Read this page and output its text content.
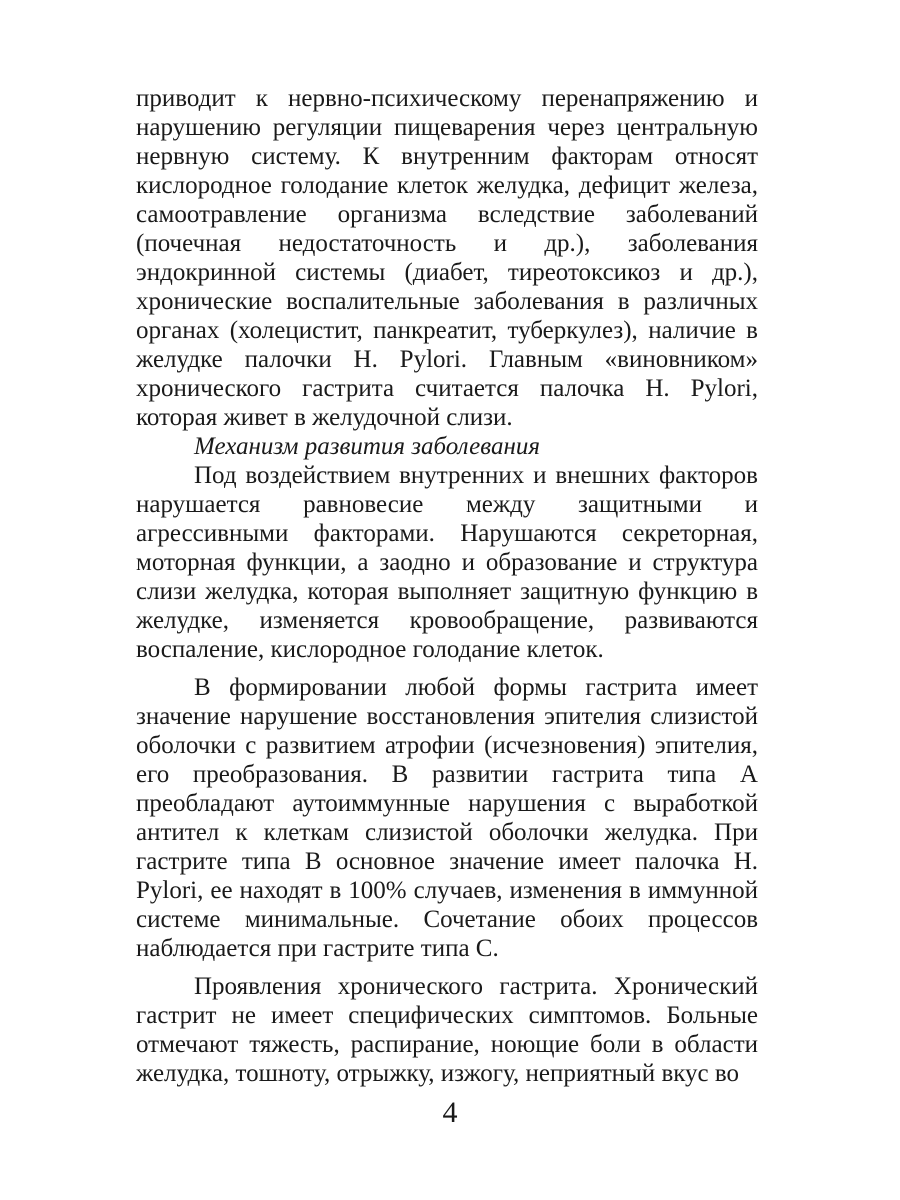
приводит к нервно-психическому перенапряжению и нарушению регуляции пищеварения через центральную нервную систему. К внутренним факторам относят кислородное голодание клеток желудка, дефицит железа, самоотравление организма вследствие заболеваний (почечная недостаточность и др.), заболевания эндокринной системы (диабет, тиреотоксикоз и др.), хронические воспалительные заболевания в различных органах (холецистит, панкреатит, туберкулез), наличие в желудке палочки H. Pylori. Главным «виновником» хронического гастрита считается палочка H. Pylori, которая живет в желудочной слизи.

Механизм развития заболевания

Под воздействием внутренних и внешних факторов нарушается равновесие между защитными и агрессивными факторами. Нарушаются секреторная, моторная функции, а заодно и образование и структура слизи желудка, которая выполняет защитную функцию в желудке, изменяется кровообращение, развиваются воспаление, кислородное голодание клеток.

В формировании любой формы гастрита имеет значение нарушение восстановления эпителия слизистой оболочки с развитием атрофии (исчезновения) эпителия, его преобразования. В развитии гастрита типа А преобладают аутоиммунные нарушения с выработкой антител к клеткам слизистой оболочки желудка. При гастрите типа В основное значение имеет палочка H. Pylori, ее находят в 100% случаев, изменения в иммунной системе минимальные. Сочетание обоих процессов наблюдается при гастрите типа С.

Проявления хронического гастрита. Хронический гастрит не имеет специфических симптомов. Больные отмечают тяжесть, распирание, ноющие боли в области желудка, тошноту, отрыжку, изжогу, неприятный вкус во

4
